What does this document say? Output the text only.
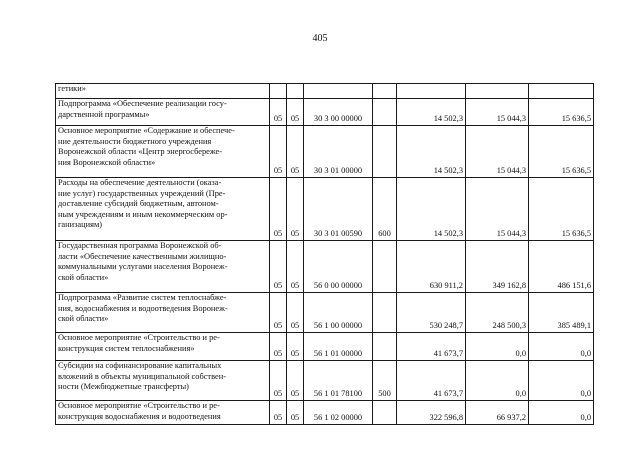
405
гетики»							

Подпрограмма «Обеспечение реализации госу-
дарственной программы»	05	05	30 3 00 00000		14 502,3	15 044,3	15 636,5

Основное мероприятие «Содержание и обеспече-
ние деятельности бюджетного учреждения
Воронежской области «Центр энергосбереже-
ния Воронежской области»	05	05	30 3 01 00000		14 502,3	15 044,3	15 636,5

Расходы на обеспечение деятельности (оказа-
ние услуг) государственных учреждений (Пре-
доставление субсидий бюджетным, автоном-
ным учреждениям и иным некоммерческим ор-
ганизациям)	05	05	30 3 01 00590	600	14 502,3	15 044,3	15 636,5

Государственная программа Воронежской об-
ласти «Обеспечение качественными жилищно-
коммунальными услугами населения Воронеж-
ской области»	05	05	56 0 00 00000		630 911,2	349 162,8	486 151,6

Подпрограмма «Развитие систем теплоснабже-
ния, водоснабжения и водоотведения Воронеж-
ской области»	05	05	56 1 00 00000		530 248,7	248 500,3	385 489,1

Основное мероприятие «Строительство и ре-
конструкция систем теплоснабжения»	05	05	56 1 01 00000		41 673,7	0,0	0,0

Субсидии на софинансирование капитальных
вложений в объекты муниципальной собствен-
ности (Межбюджетные трансферты)	05	05	56 1 01 78100	500	41 673,7	0,0	0,0

Основное мероприятие «Строительство и ре-
конструкция водоснабжения и водоотведения	05	05	56 1 02 00000		322 596,8	66 937,2	0,0
